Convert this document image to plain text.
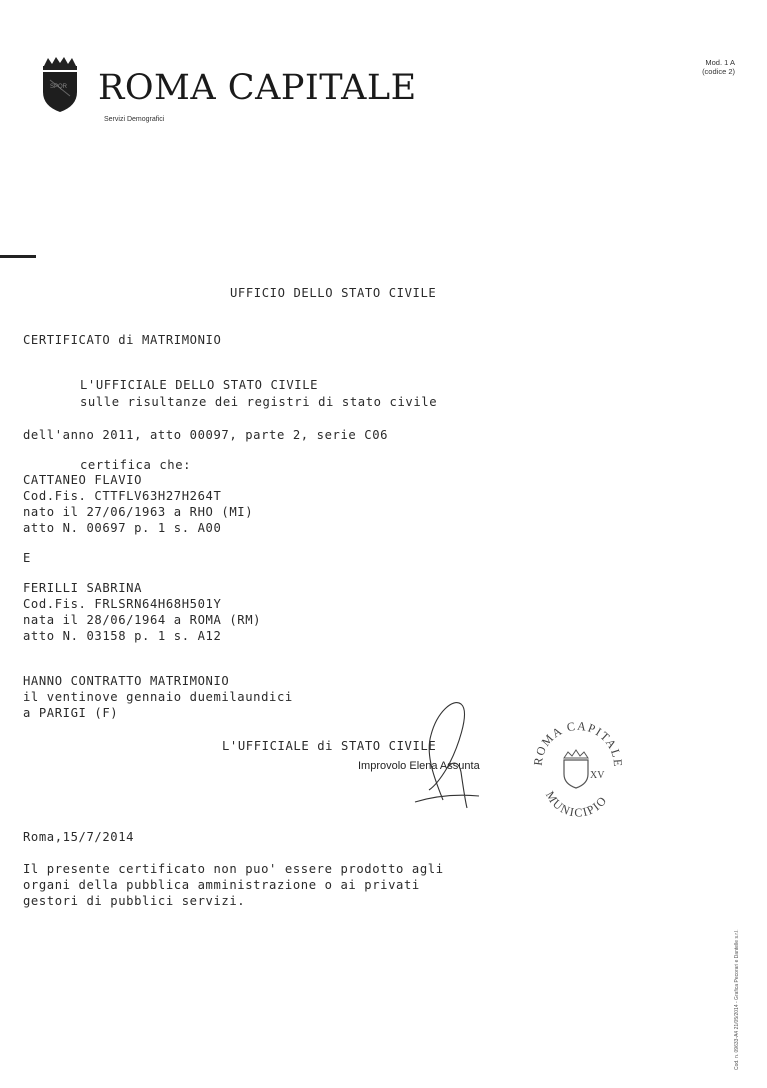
SPQR ROMA CAPITALE
Servizi Demografici
Mod. 1 A
(codice 2)
UFFICIO DELLO STATO CIVILE
CERTIFICATO di MATRIMONIO
L'UFFICIALE DELLO STATO CIVILE
sulle risultanze dei registri di stato civile
dell'anno 2011, atto 00097, parte 2, serie C06
certifica che:
CATTANEO FLAVIO
Cod.Fis. CTTFLV63H27H264T
nato il 27/06/1963 a RHO (MI)
atto N. 00697 p. 1 s. A00
E
FERILLI SABRINA
Cod.Fis. FRLSRN64H68H501Y
nata il 28/06/1964 a ROMA (RM)
atto N. 03158 p. 1 s. A12
HANNO CONTRATTO MATRIMONIO
il ventinove gennaio duemilaundici
a PARIGI (F)
L'UFFICIALE di STATO CIVILE
Improvolo Elena Assunta	ROMA CAPITALE
XV
MUNICIPIO
Roma,15/7/2014
Il presente certificato non puo' essere prodotto agli
organi della pubblica amministrazione o ai privati
gestori di pubblici servizi.
Cod. n. 09633-A4 21/05/2014 - Grafica Pecorari e Dantelle s.r.l.
